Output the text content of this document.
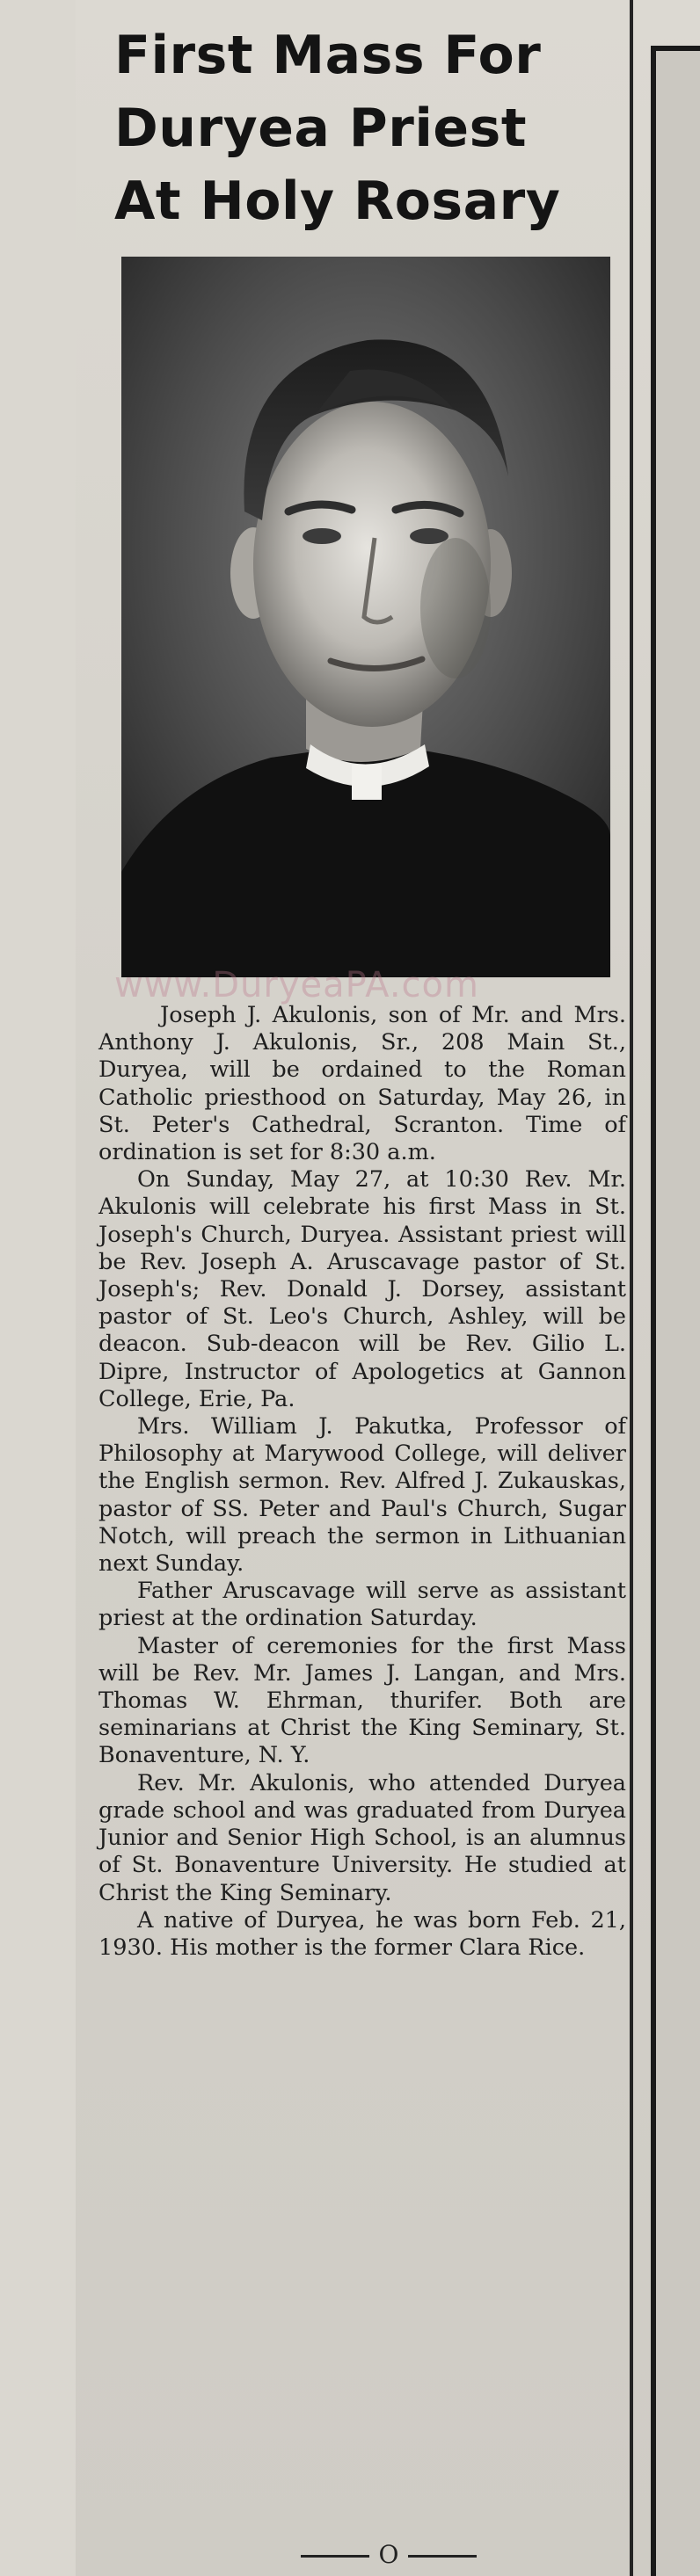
First Mass For
Duryea Priest
At Holy Rosary

Joseph J. Akulonis, son of Mr. and Mrs. Anthony J. Akulonis, Sr., 208 Main St., Duryea, will be ordained to the Roman Catholic priesthood on Saturday, May 26, in St. Peter's Cathedral, Scranton. Time of ordination is set for 8:30 a.m.

On Sunday, May 27, at 10:30 Rev. Mr. Akulonis will celebrate his first Mass in St. Joseph's Church, Duryea. Assistant priest will be Rev. Joseph A. Aruscavage pastor of St. Joseph's; Rev. Donald J. Dorsey, assistant pastor of St. Leo's Church, Ashley, will be deacon. Sub-deacon will be Rev. Gilio L. Dipre, Instructor of Apologetics at Gannon College, Erie, Pa.

Mrs. William J. Pakutka, Professor of Philosophy at Marywood College, will deliver the English sermon. Rev. Alfred J. Zukauskas, pastor of SS. Peter and Paul's Church, Sugar Notch, will preach the sermon in Lithuanian next Sunday.

Father Aruscavage will serve as assistant priest at the ordination Saturday.

Master of ceremonies for the first Mass will be Rev. Mr. James J. Langan, and Mrs. Thomas W. Ehrman, thurifer. Both are seminarians at Christ the King Seminary, St. Bonaventure, N. Y.

Rev. Mr. Akulonis, who attended Duryea grade school and was graduated from Duryea Junior and Senior High School, is an alumnus of St. Bonaventure University. He studied at Christ the King Seminary.

A native of Duryea, he was born Feb. 21, 1930. His mother is the former Clara Rice.

O
www.DuryeaPA.com
